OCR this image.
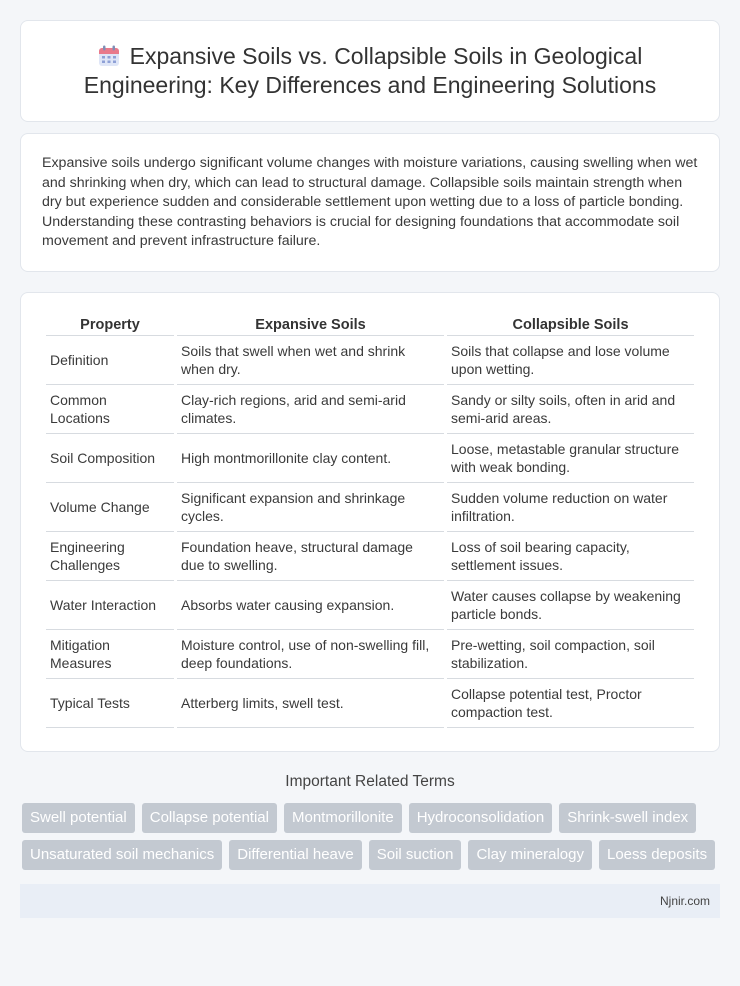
Expansive Soils vs. Collapsible Soils in Geological Engineering: Key Differences and Engineering Solutions

Expansive soils undergo significant volume changes with moisture variations, causing swelling when wet and shrinking when dry, which can lead to structural damage. Collapsible soils maintain strength when dry but experience sudden and considerable settlement upon wetting due to a loss of particle bonding. Understanding these contrasting behaviors is crucial for designing foundations that accommodate soil movement and prevent infrastructure failure.

Property	Expansive Soils	Collapsible Soils
Definition	Soils that swell when wet and shrink when dry.	Soils that collapse and lose volume upon wetting.
Common Locations	Clay-rich regions, arid and semi-arid climates.	Sandy or silty soils, often in arid and semi-arid areas.
Soil Composition	High montmorillonite clay content.	Loose, metastable granular structure with weak bonding.
Volume Change	Significant expansion and shrinkage cycles.	Sudden volume reduction on water infiltration.
Engineering Challenges	Foundation heave, structural damage due to swelling.	Loss of soil bearing capacity, settlement issues.
Water Interaction	Absorbs water causing expansion.	Water causes collapse by weakening particle bonds.
Mitigation Measures	Moisture control, use of non-swelling fill, deep foundations.	Pre-wetting, soil compaction, soil stabilization.
Typical Tests	Atterberg limits, swell test.	Collapse potential test, Proctor compaction test.
Important Related Terms
Swell potential	Collapse potential	Montmorillonite	Hydroconsolidation	Shrink-swell index
Unsaturated soil mechanics	Differential heave	Soil suction	Clay mineralogy	Loess deposits
Njnir.com
